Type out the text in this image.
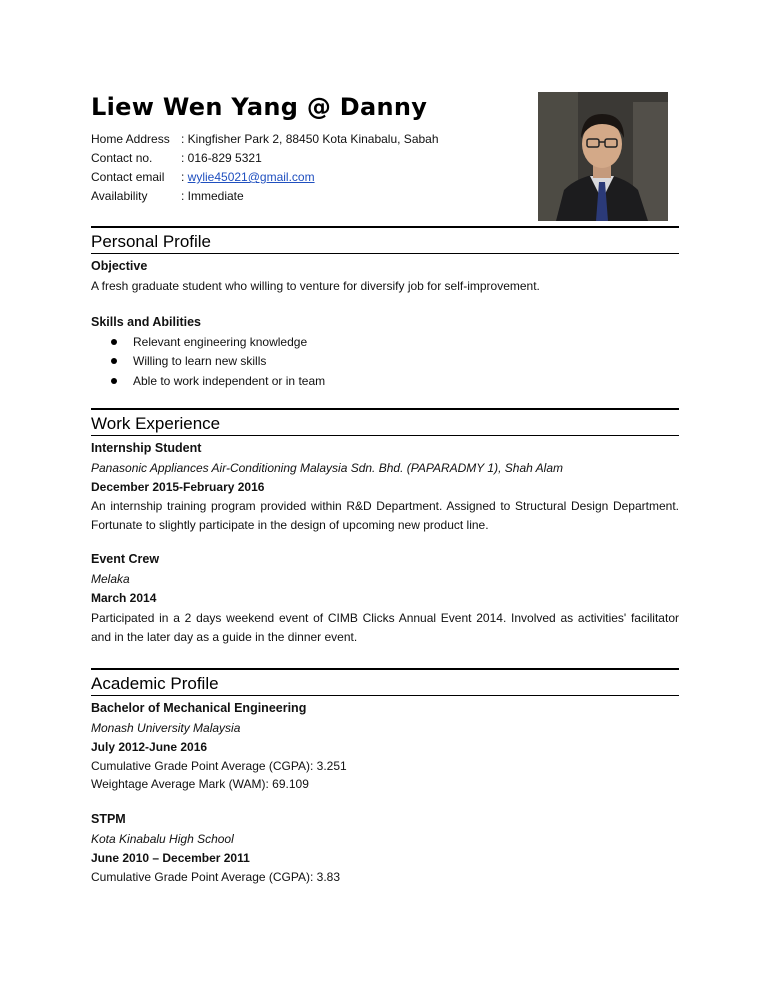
Liew Wen Yang @ Danny
Home Address : Kingfisher Park 2, 88450 Kota Kinabalu, Sabah
Contact no.	: 016-829 5321
Contact email	: wylie45021@gmail.com
Availability	: Immediate
Personal Profile
Objective
A fresh graduate student who willing to venture for diversify job for self-improvement.
Skills and Abilities
Relevant engineering knowledge
Willing to learn new skills
Able to work independent or in team
Work Experience
Internship Student
Panasonic Appliances Air-Conditioning Malaysia Sdn. Bhd. (PAPARADMY 1), Shah Alam
December 2015-February 2016
An internship training program provided within R&D Department. Assigned to Structural Design Department. Fortunate to slightly participate in the design of upcoming new product line.
Event Crew
Melaka
March 2014
Participated in a 2 days weekend event of CIMB Clicks Annual Event 2014. Involved as activities' facilitator and in the later day as a guide in the dinner event.
Academic Profile
Bachelor of Mechanical Engineering
Monash University Malaysia
July 2012-June 2016
Cumulative Grade Point Average (CGPA): 3.251
Weightage Average Mark (WAM): 69.109
STPM
Kota Kinabalu High School
June 2010 – December 2011
Cumulative Grade Point Average (CGPA): 3.83
